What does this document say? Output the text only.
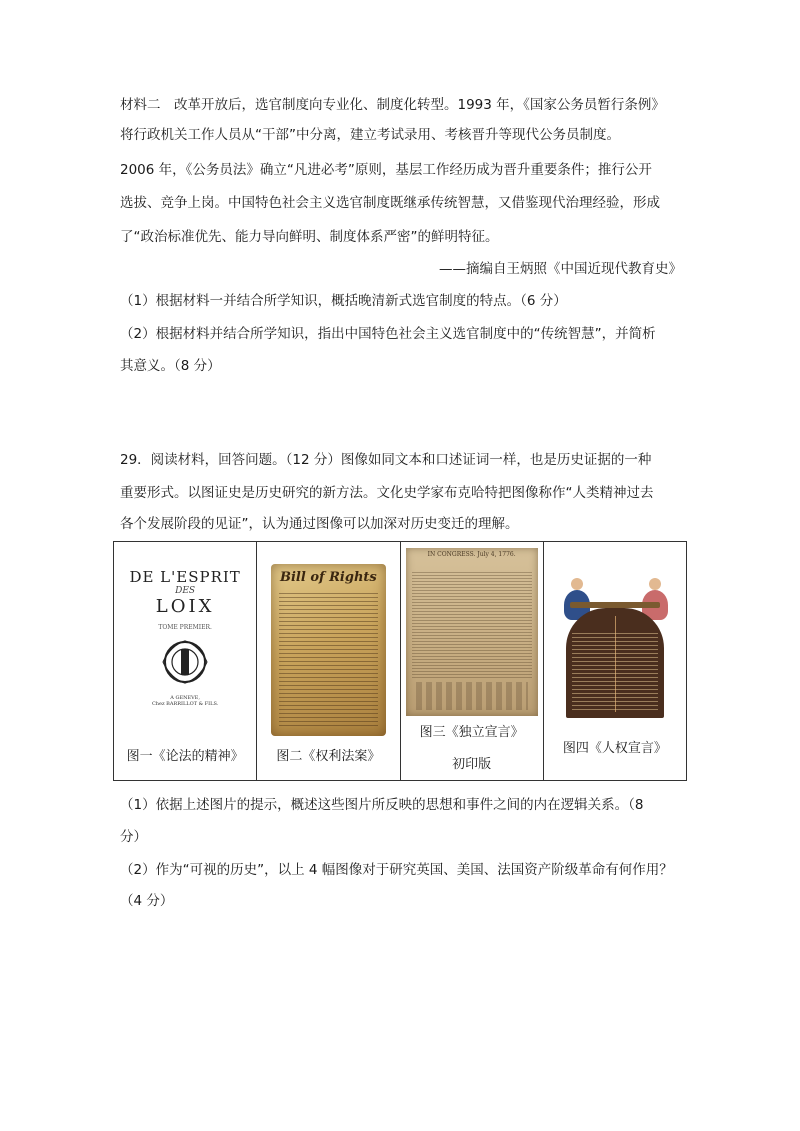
材料二　改革开放后，选官制度向专业化、制度化转型。1993 年，《国家公务员暂行条例》
将行政机关工作人员从“干部”中分离，建立考试录用、考核晋升等现代公务员制度。
2006 年，《公务员法》确立“凡进必考”原则，基层工作经历成为晋升重要条件；推行公开
选拔、竞争上岗。中国特色社会主义选官制度既继承传统智慧，又借鉴现代治理经验，形成
了“政治标准优先、能力导向鲜明、制度体系严密”的鲜明特征。
——摘编自王炳照《中国近现代教育史》
（1）根据材料一并结合所学知识，概括晚清新式选官制度的特点。（6 分）
（2）根据材料并结合所学知识，指出中国特色社会主义选官制度中的“传统智慧”，并简析
其意义。（8 分）
29．阅读材料，回答问题。（12 分）图像如同文本和口述证词一样，也是历史证据的一种
重要形式。以图证史是历史研究的新方法。文化史学家布克哈特把图像称作“人类精神过去
各个发展阶段的见证”，认为通过图像可以加深对历史变迁的理解。
DE L'ESPRIT
DES
LOIX

TOME PREMIER.
A GENEVE,
Chez BARRILLOT & FILS.
图一《论法的精神》
Bill of Rights
图二《权利法案》
IN CONGRESS. July 4, 1776.

图三《独立宣言》
初印版
图四《人权宣言》
（1）依据上述图片的提示，概述这些图片所反映的思想和事件之间的内在逻辑关系。（8
分）
（2）作为“可视的历史”，以上 4 幅图像对于研究英国、美国、法国资产阶级革命有何作用？
（4 分）
